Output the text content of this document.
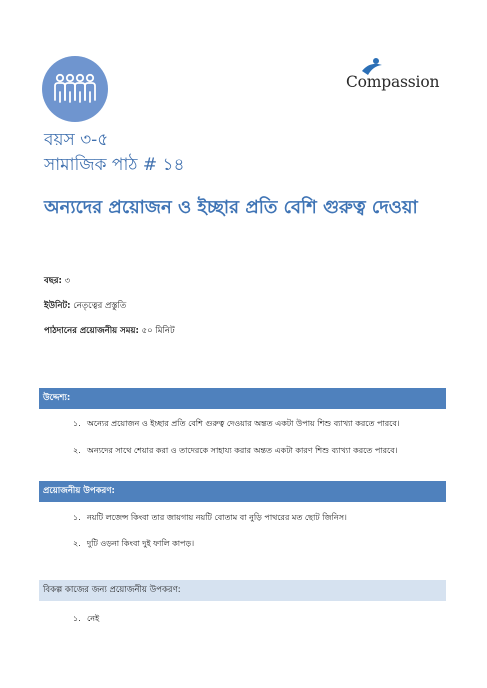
Compassion
বয়স ৩-৫
সামাজিক পাঠ # ১৪
অন্যদের প্রয়োজন ও ইচ্ছার প্রতি বেশি গুরুত্ব দেওয়া
বছর: ৩
ইউনিট: নেতৃত্বের প্রস্তুতি
পাঠদানের প্রয়োজনীয় সময়: ৫০ মিনিট
উদ্দেশ্য:
১. অন্যের প্রয়োজন ও ইচ্ছার প্রতি বেশি গুরুত্ব দেওয়ার অন্তত একটা উপায় শিশু ব্যাখ্যা করতে পারবে।
২. অন্যদের সাথে শেয়ার করা ও তাদেরকে সাহায্য করার অন্তত একটা কারণ শিশু ব্যাখ্যা করতে পারবে।
প্রয়োজনীয় উপকরণ:
১. নয়টি লজেন্স কিংবা তার জায়গায় নয়টি বোতাম বা নুড়ি পাথরের মত ছোট জিনিস।
২. দুটি ওড়না কিংবা দুই ফালি কাপড়।
বিকল্প কাজের জন্য প্রয়োজনীয় উপকরণ:
১. নেই
